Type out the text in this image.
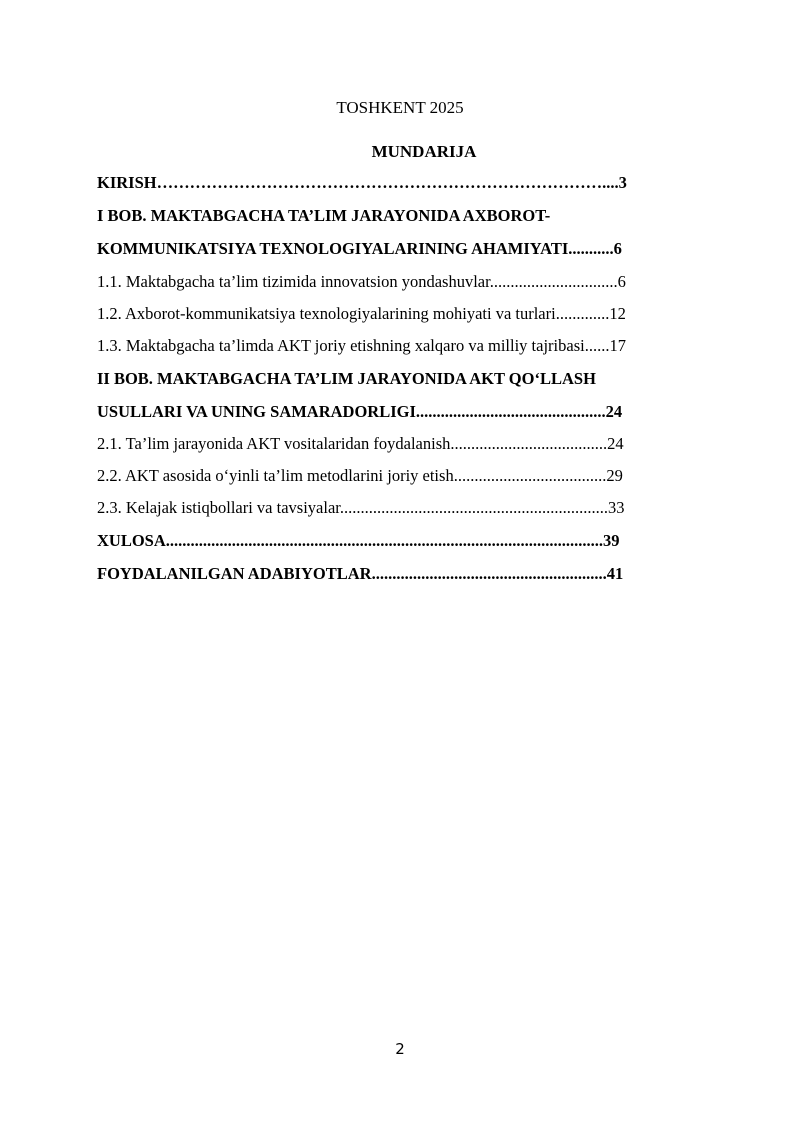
TOSHKENT 2025
MUNDARIJA
KIRISH………………………………………………………………………....3
I BOB. MAKTABGACHA TA’LIM JARAYONIDA AXBOROT-
KOMMUNIKATSIYA TEXNOLOGIYALARINING AHAMIYATI...........6
1.1. Maktabgacha ta’lim tizimida innovatsion yondashuvlar...............................6
1.2. Axborot-kommunikatsiya texnologiyalarining mohiyati va turlari.............12
1.3. Maktabgacha ta’limda AKT joriy etishning xalqaro va milliy tajribasi......17
II BOB. MAKTABGACHA TA’LIM JARAYONIDA AKT QO‘LLASH
USULLARI VA UNING SAMARADORLIGI..............................................24
2.1. Ta’lim jarayonida AKT vositalaridan foydalanish......................................24
2.2. AKT asosida o‘yinli ta’lim metodlarini joriy etish.....................................29
2.3. Kelajak istiqbollari va tavsiyalar.................................................................33
XULOSA..........................................................................................................39
FOYDALANILGAN ADABIYOTLAR.........................................................41
2
